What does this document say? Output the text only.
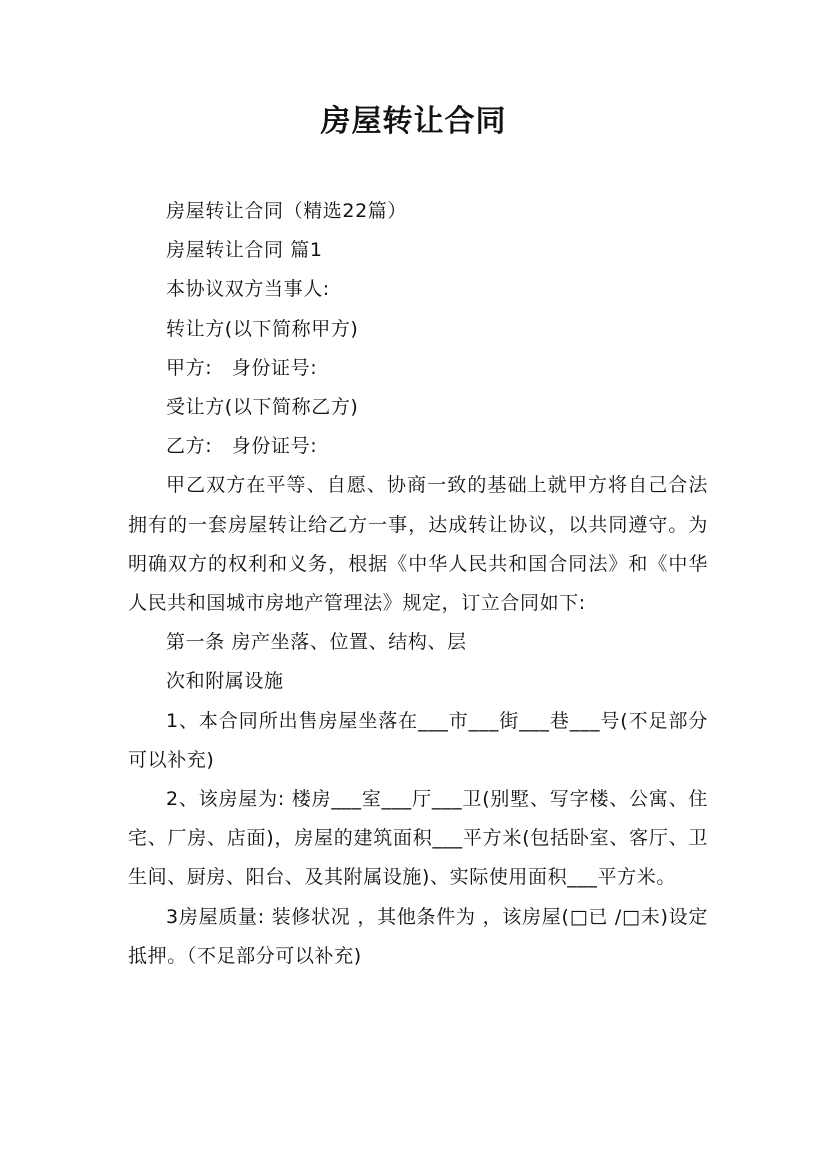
房屋转让合同

房屋转让合同（精选22篇）

房屋转让合同 篇1

本协议双方当事人:

转让方(以下简称甲方)

甲方:　身份证号:

受让方(以下简称乙方)

乙方:　身份证号:

甲乙双方在平等、自愿、协商一致的基础上就甲方将自己合法拥有的一套房屋转让给乙方一事，达成转让协议，以共同遵守。为明确双方的权利和义务，根据《中华人民共和国合同法》和《中华人民共和国城市房地产管理法》规定，订立合同如下:

第一条 房产坐落、位置、结构、层

次和附属设施

1、本合同所出售房屋坐落在___市___街___巷___号(不足部分可以补充)

2、该房屋为: 楼房___室___厅___卫(别墅、写字楼、公寓、住宅、厂房、店面)，房屋的建筑面积___平方米(包括卧室、客厅、卫生间、厨房、阳台、及其附属设施)、实际使用面积___平方米。

3房屋质量: 装修状况 ，其他条件为 ，该房屋(□已 /□未)设定抵押。（不足部分可以补充)
